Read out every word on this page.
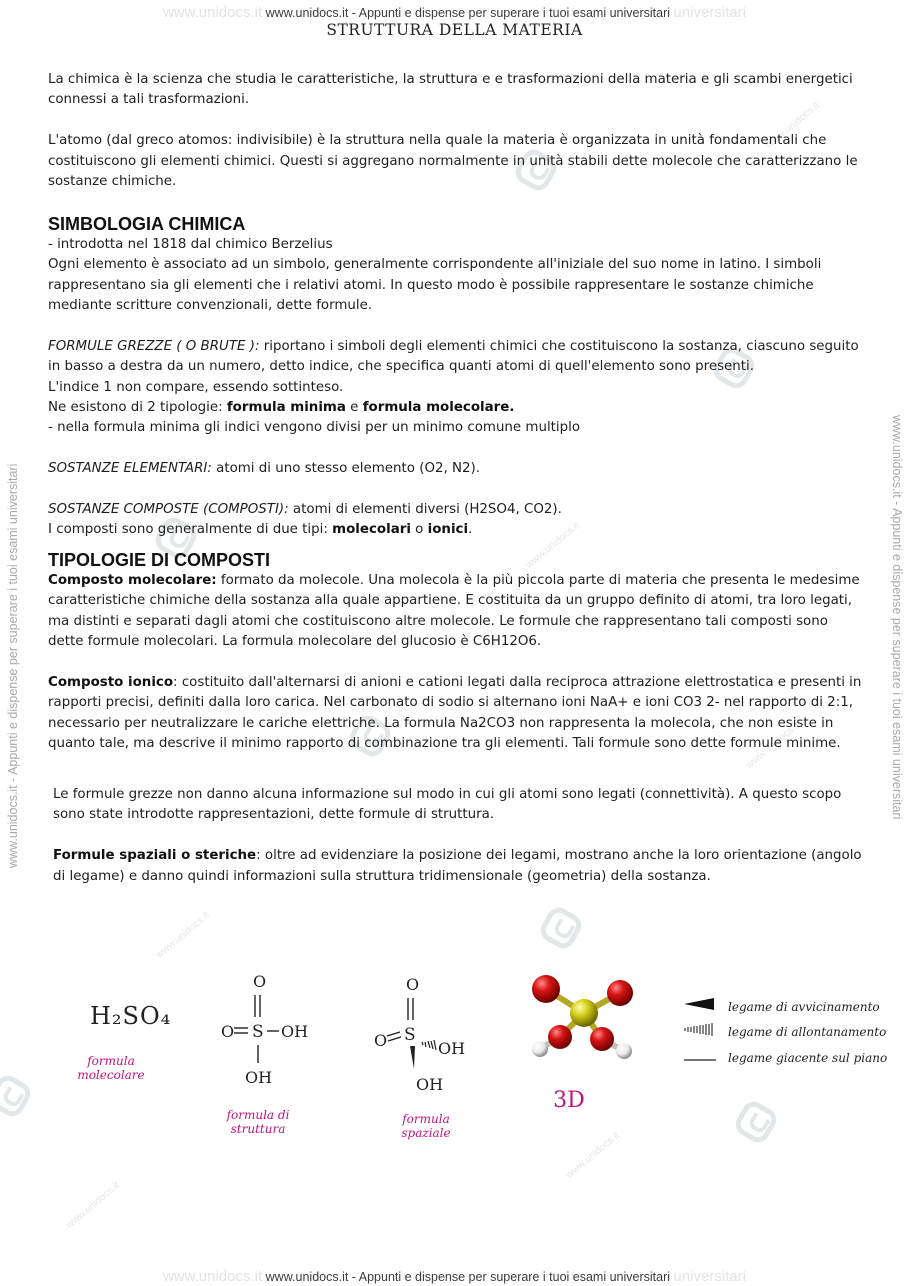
www.unidocs.it www.unidocs.it - Appunti e dispense per superare i tuoi esami universitari universitari
www.unidocs.it www.unidocs.it - Appunti e dispense per superare i tuoi esami universitari universitari
www.unidocs.it - Appunti e dispense per superare i tuoi esami universitari	www.unidocs.it - Appunti e dispense per superare i tuoi esami universitari
www.unidocs.it
www.unidocs.it
www.unidocs.it
www.unidocs.it
www.unidocs.it
www.unidocs.it
STRUTTURA DELLA MATERIA

La chimica è la scienza che studia le caratteristiche, la struttura e e trasformazioni della materia e gli scambi energetici connessi a tali trasformazioni.

L'atomo (dal greco atomos: indivisibile) è la struttura nella quale la materia è organizzata in unità fondamentali che costituiscono gli elementi chimici. Questi si aggregano normalmente in unità stabili dette molecole che caratterizzano le sostanze chimiche.

SIMBOLOGIA CHIMICA

- introdotta nel 1818 dal chimico Berzelius

Ogni elemento è associato ad un simbolo, generalmente corrispondente all'iniziale del suo nome in latino. I simboli rappresentano sia gli elementi che i relativi atomi. In questo modo è possibile rappresentare le sostanze chimiche mediante scritture convenzionali, dette formule.

FORMULE GREZZE ( O BRUTE ): riportano i simboli degli elementi chimici che costituiscono la sostanza, ciascuno seguito in basso a destra da un numero, detto indice, che specifica quanti atomi di quell'elemento sono presenti.

L'indice 1 non compare, essendo sottinteso.

Ne esistono di 2 tipologie: formula minima e formula molecolare.

- nella formula minima gli indici vengono divisi per un minimo comune multiplo

SOSTANZE ELEMENTARI: atomi di uno stesso elemento (O2, N2).

SOSTANZE COMPOSTE (COMPOSTI): atomi di elementi diversi (H2SO4, CO2).

I composti sono generalmente di due tipi: molecolari o ionici.

TIPOLOGIE DI COMPOSTI

Composto molecolare: formato da molecole. Una molecola è la più piccola parte di materia che presenta le medesime caratteristiche chimiche della sostanza alla quale appartiene. E costituita da un gruppo definito di atomi, tra loro legati, ma distinti e separati dagli atomi che costituiscono altre molecole. Le formule che rappresentano tali composti sono dette formule molecolari. La formula molecolare del glucosio è C6H12O6.

Composto ionico: costituito dall'alternarsi di anioni e cationi legati dalla reciproca attrazione elettrostatica e presenti in rapporti precisi, definiti dalla loro carica. Nel carbonato di sodio si alternano ioni NaA+ e ioni CO3 2- nel rapporto di 2:1, necessario per neutralizzare le cariche elettriche. La formula Na2CO3 non rappresenta la molecola, che non esiste in quanto tale, ma descrive il minimo rapporto di combinazione tra gli elementi. Tali formule sono dette formule minime.

Le formule grezze non danno alcuna informazione sul modo in cui gli atomi sono legati (connettività). A questo scopo sono state introdotte rappresentazioni, dette formule di struttura.

Formule spaziali o steriche: oltre ad evidenziare la posizione dei legami, mostrano anche la loro orientazione (angolo di legame) e danno quindi informazioni sulla struttura tridimensionale (geometria) della sostanza.

H₂SO₄
formula molecolare
O
O S OH
OH
formula di struttura
O
O S
OH
OH
formula spaziale
3D
legame di avvicinamento
legame di allontanamento
legame giacente sul piano
